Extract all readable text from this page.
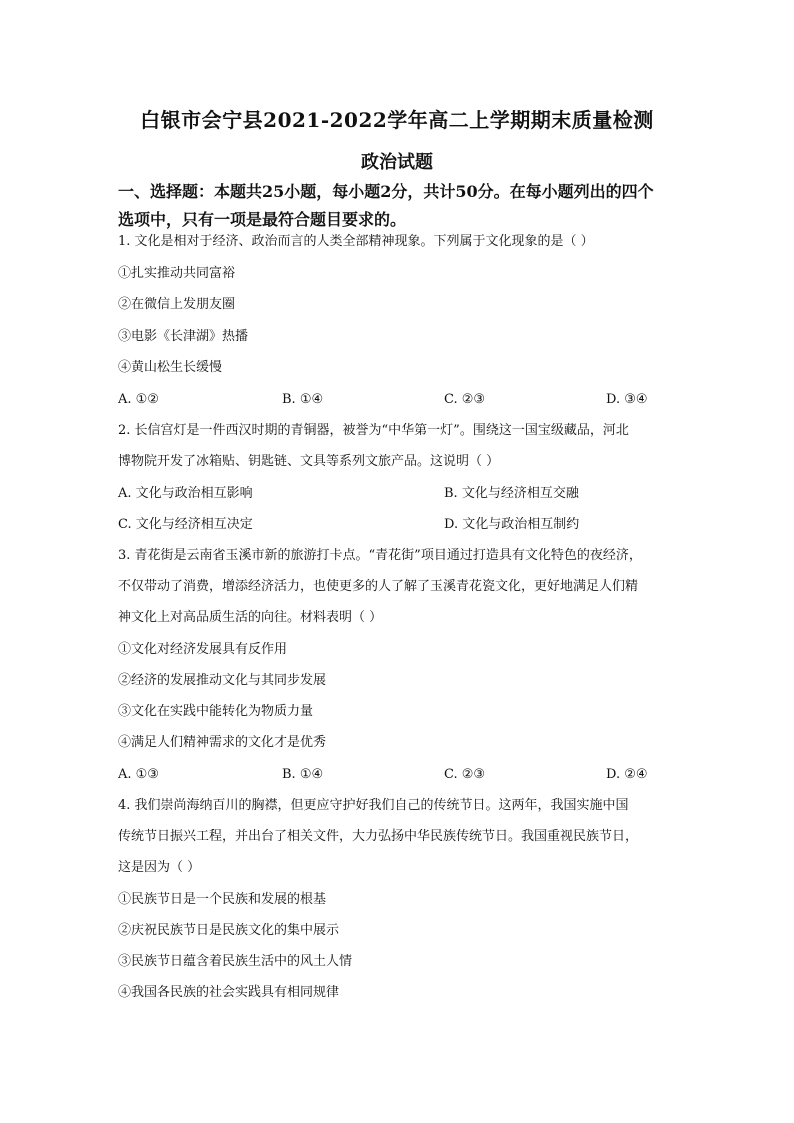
白银市会宁县2021-2022学年高二上学期期末质量检测
政治试题
一、选择题：本题共25小题，每小题2分，共计50分。在每小题列出的四个
选项中，只有一项是最符合题目要求的。
1. 文化是相对于经济、政治而言的人类全部精神现象。下列属于文化现象的是（ ）
①扎实推动共同富裕
②在微信上发朋友圈
③电影《长津湖》热播
④黄山松生长缓慢
A. ①②	B. ①④	C. ②③	D. ③④
2. 长信宫灯是一件西汉时期的青铜器，被誉为“中华第一灯”。围绕这一国宝级藏品，河北
博物院开发了冰箱贴、钥匙链、文具等系列文旅产品。这说明（ ）
A. 文化与政治相互影响	B. 文化与经济相互交融
C. 文化与经济相互决定	D. 文化与政治相互制约
3. 青花街是云南省玉溪市新的旅游打卡点。“青花街”项目通过打造具有文化特色的夜经济，
不仅带动了消费，增添经济活力，也使更多的人了解了玉溪青花瓷文化，更好地满足人们精
神文化上对高品质生活的向往。材料表明（ ）
①文化对经济发展具有反作用
②经济的发展推动文化与其同步发展
③文化在实践中能转化为物质力量
④满足人们精神需求的文化才是优秀
A. ①③	B. ①④	C. ②③	D. ②④
4. 我们崇尚海纳百川的胸襟，但更应守护好我们自己的传统节日。这两年，我国实施中国
传统节日振兴工程，并出台了相关文件，大力弘扬中华民族传统节日。我国重视民族节日，
这是因为（ ）
①民族节日是一个民族和发展的根基
②庆祝民族节日是民族文化的集中展示
③民族节日蕴含着民族生活中的风土人情
④我国各民族的社会实践具有相同规律
